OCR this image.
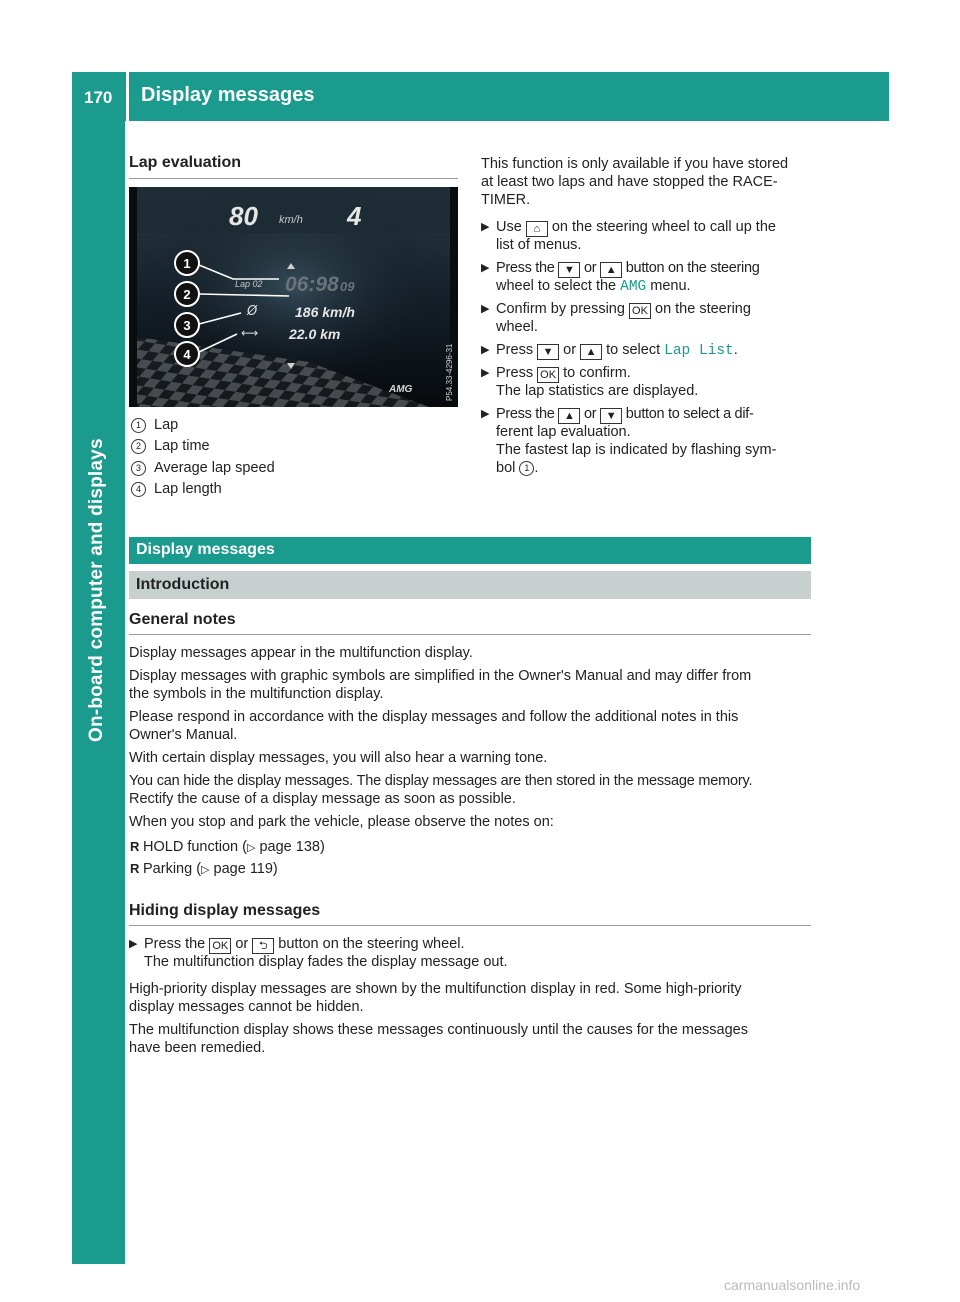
170 Display messages
On-board computer and displays
Lap evaluation
80 km/h 4
Lap 02 06:98 09
Ø	186 km/h
⟷ 22.0 km
AMG	P54.33-4296-31
1
2
3
4
1 Lap
2 Lap time
3 Average lap speed
4 Lap length
This function is only available if you have stored
at least two laps and have stopped the RACE-
TIMER.
▶ Use ⌂ on the steering wheel to call up the
list of menus.
▶ Press the ▼ or ▲ button on the steering
wheel to select the AMG menu.
▶ Confirm by pressing OK on the steering
wheel.
▶ Press ▼ or ▲ to select Lap List.
▶ Press OK to confirm.
The lap statistics are displayed.
▶ Press the ▲ or ▼ button to select a dif-
ferent lap evaluation.
The fastest lap is indicated by flashing sym-
bol 1 .
Display messages
Introduction
General notes
Display messages appear in the multifunction display.
Display messages with graphic symbols are simplified in the Owner's Manual and may differ from
the symbols in the multifunction display.
Please respond in accordance with the display messages and follow the additional notes in this
Owner's Manual.
With certain display messages, you will also hear a warning tone.
You can hide the display messages. The display messages are then stored in the message memory.
Rectify the cause of a display message as soon as possible.
When you stop and park the vehicle, please observe the notes on:
R HOLD function (▷ page 138)
R Parking (▷ page 119)
Hiding display messages
▶ Press the OK or ⮌ button on the steering wheel.
The multifunction display fades the display message out.
High-priority display messages are shown by the multifunction display in red. Some high-priority
display messages cannot be hidden.
The multifunction display shows these messages continuously until the causes for the messages
have been remedied.
carmanualsonline.info
